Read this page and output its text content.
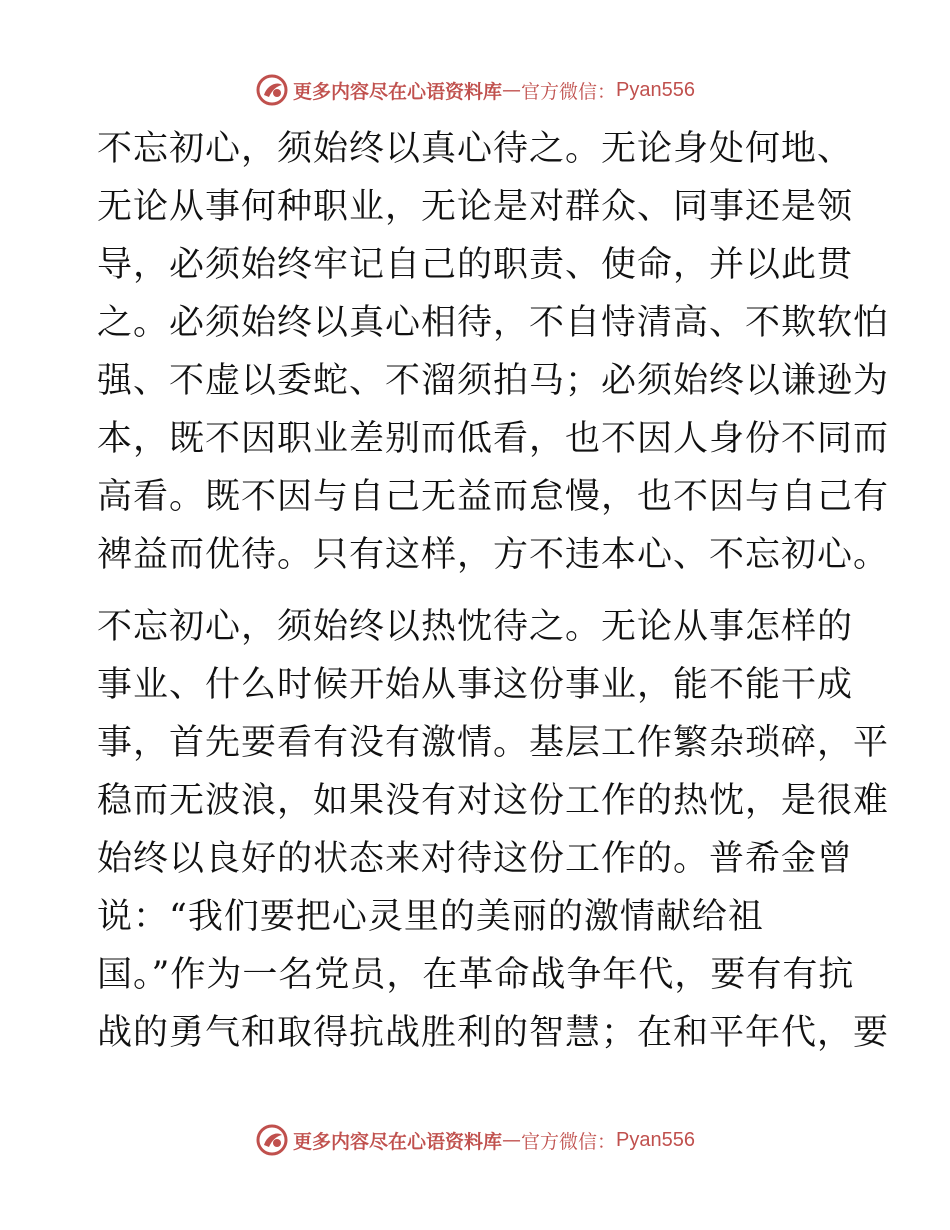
更多内容尽在心语资料库 — 官方微信： Pyan556
不忘初心，须始终以真心待之。无论身处何地、
无论从事何种职业，无论是对群众、同事还是领
导，必须始终牢记自己的职责、使命，并以此贯
之。必须始终以真心相待，不自恃清高、不欺软怕
强、不虚以委蛇、不溜须拍马；必须始终以谦逊为
本，既不因职业差别而低看，也不因人身份不同而
高看。既不因与自己无益而怠慢，也不因与自己有
裨益而优待。只有这样，方不违本心、不忘初心。
不忘初心，须始终以热忱待之。无论从事怎样的
事业、什么时候开始从事这份事业，能不能干成
事，首先要看有没有激情。基层工作繁杂琐碎，平
稳而无波浪，如果没有对这份工作的热忱，是很难
始终以良好的状态来对待这份工作的。普希金曾
说：“我们要把心灵里的美丽的激情献给祖
国。”作为一名党员，在革命战争年代，要有有抗
战的勇气和取得抗战胜利的智慧；在和平年代，要
更多内容尽在心语资料库 — 官方微信： Pyan556
